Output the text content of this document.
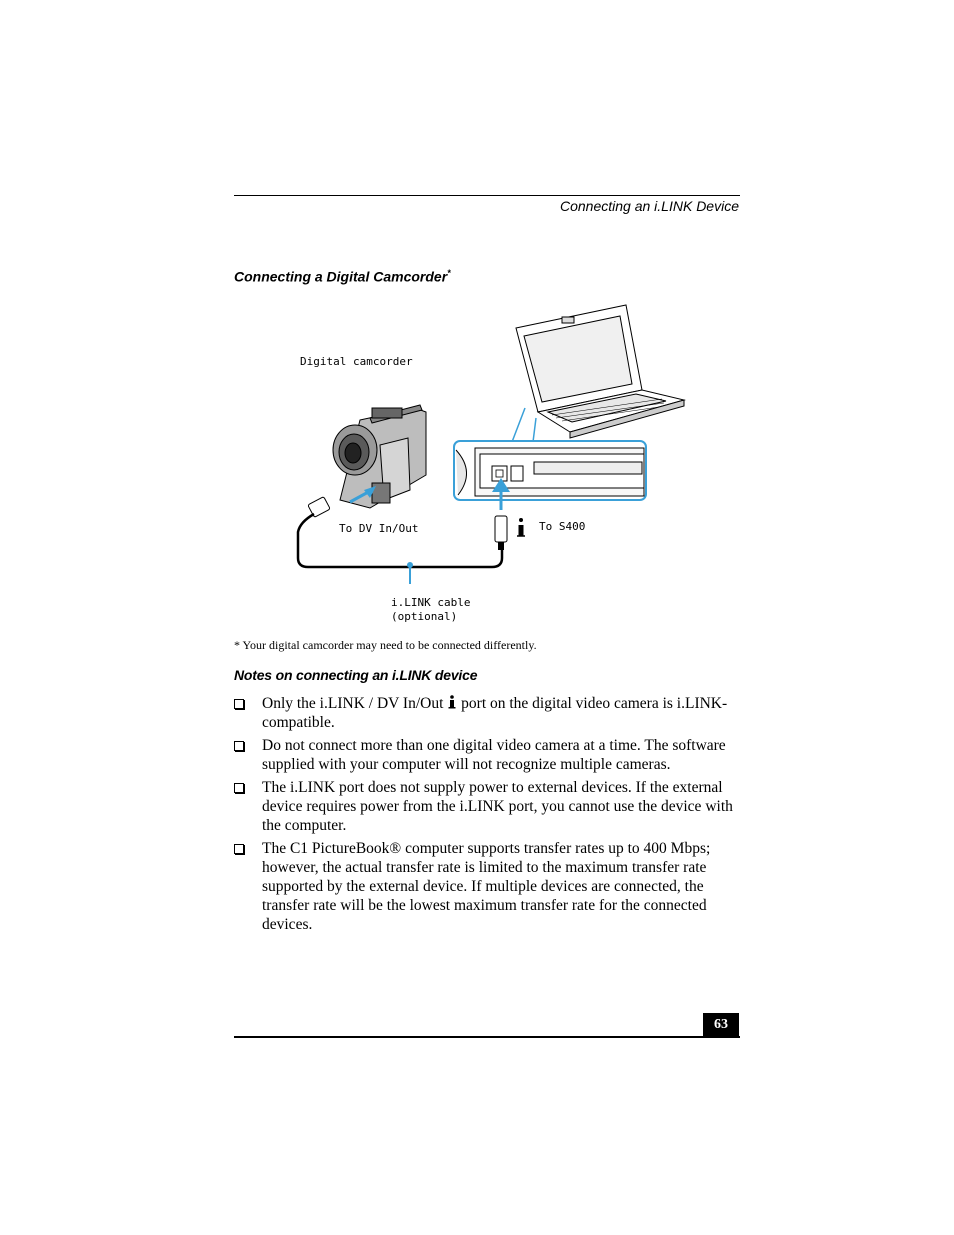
Connecting an i.LINK Device
Connecting a Digital Camcorder*
Digital camcorder
To DV In/Out	To S400
i.LINK cable
(optional)
* Your digital camcorder may need to be connected differently.
Notes on connecting an i.LINK device
Only the i.LINK / DV In/Out port on the digital video camera is i.LINK-compatible.
Do not connect more than one digital video camera at a time. The software supplied with your computer will not recognize multiple cameras.
The i.LINK port does not supply power to external devices. If the external device requires power from the i.LINK port, you cannot use the device with the computer.
The C1 PictureBook® computer supports transfer rates up to 400 Mbps; however, the actual transfer rate is limited to the maximum transfer rate supported by the external device. If multiple devices are connected, the transfer rate will be the lowest maximum transfer rate for the connected devices.
63
